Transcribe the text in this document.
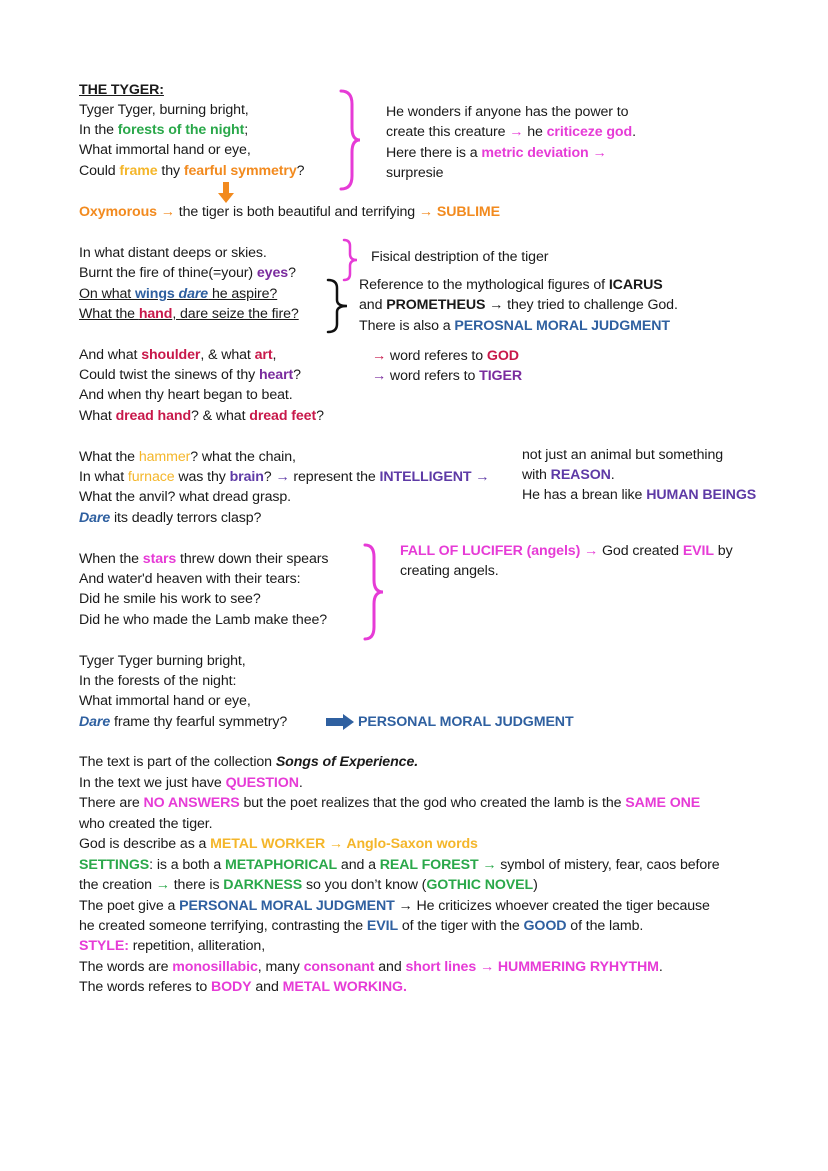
THE TYGER:
Tyger Tyger, burning bright,
In the forests of the night;
What immortal hand or eye,
Could frame thy fearful symmetry?
He wonders if anyone has the power to
create this creature → he criticeze god.
Here there is a metric deviation →
surpresie
Oxymorous → the tiger is both beautiful and terrifying → SUBLIME
In what distant deeps or skies.
Burnt the fire of thine(=your) eyes?
On what wings dare he aspire?
What the hand, dare seize the fire?
Fisical destription of the tiger
Reference to the mythological figures of ICARUS
and PROMETHEUS → they tried to challenge God.
There is also a PEROSNAL MORAL JUDGMENT
And what shoulder, & what art,
Could twist the sinews of thy heart?
And when thy heart began to beat.
What dread hand? & what dread feet?
→ word referes to GOD
→ word refers to TIGER
What the hammer? what the chain,
In what furnace was thy brain? → represent the INTELLIGENT →
What the anvil? what dread grasp.
Dare its deadly terrors clasp?
not just an animal but something
with REASON.
He has a brean like HUMAN BEINGS
When the stars threw down their spears
And water'd heaven with their tears:
Did he smile his work to see?
Did he who made the Lamb make thee?
FALL OF LUCIFER (angels) → God created EVIL by
creating angels.
Tyger Tyger burning bright,
In the forests of the night:
What immortal hand or eye,
Dare frame thy fearful symmetry?	PERSONAL MORAL JUDGMENT
The text is part of the collection Songs of Experience.
In the text we just have QUESTION.
There are NO ANSWERS but the poet realizes that the god who created the lamb is the SAME ONE
who created the tiger.
God is describe as a METAL WORKER → Anglo-Saxon words
SETTINGS: is a both a METAPHORICAL and a REAL FOREST → symbol of mistery, fear, caos before
the creation → there is DARKNESS so you don’t know (GOTHIC NOVEL)
The poet give a PERSONAL MORAL JUDGMENT → He criticizes whoever created the tiger because
he created someone terrifying, contrasting the EVIL of the tiger with the GOOD of the lamb.
STYLE: repetition, alliteration,
The words are monosillabic, many consonant and short lines → HUMMERING RYHYTHM.
The words referes to BODY and METAL WORKING.
